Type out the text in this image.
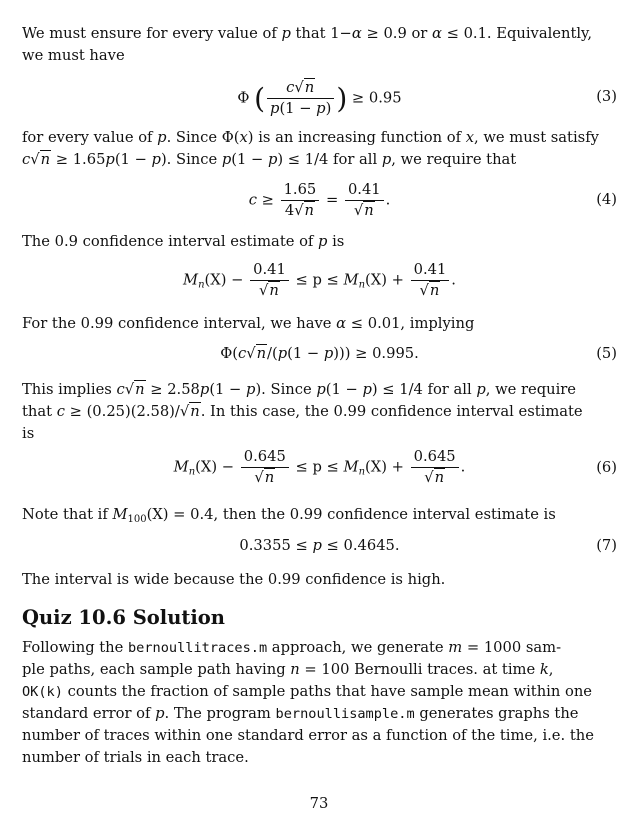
We must ensure for every value of p that 1−α ≥ 0.9 or α ≤ 0.1. Equivalently,
we must have
Φ ( $\frac{c√n}{p(1 - p)}$ ) ≥ 0.95	(3)
for every value of p. Since Φ(x) is an increasing function of x, we must satisfy
c√n ≥ 1.65p(1 − p). Since p(1 − p) ≤ 1/4 for all p, we require that
$c \ge \frac{1.65}{4√n} = \frac{0.41}{√n}$ .	(4)
The 0.9 confidence interval estimate of p is
$M_n(X) - \frac{0.41}{√n} \le p \le M_n(X) + \frac{0.41}{√n}$ .
For the 0.99 confidence interval, we have α ≤ 0.01, implying
Φ(c√n/(p(1 − p))) ≥ 0.995.	(5)
This implies c√n ≥ 2.58p(1 − p). Since p(1 − p) ≤ 1/4 for all p, we require
that c ≥ (0.25)(2.58)/√n. In this case, the 0.99 confidence interval estimate
is
$M_n(X) - \frac{0.645}{√n} \le p \le M_n(X) + \frac{0.645}{√n}$ .	(6)
Note that if $M_{100}(X) = 0.4$, then the 0.99 confidence interval estimate is
0.3355 ≤ p ≤ 0.4645.	(7)
The interval is wide because the 0.99 confidence is high.
Quiz 10.6 Solution
Following the bernoullitraces.m approach, we generate m = 1000 sam-
ple paths, each sample path having n = 100 Bernoulli traces. at time k,
OK(k) counts the fraction of sample paths that have sample mean within one
standard error of p. The program bernoullisample.m generates graphs the
number of traces within one standard error as a function of the time, i.e. the
number of trials in each trace.
73
